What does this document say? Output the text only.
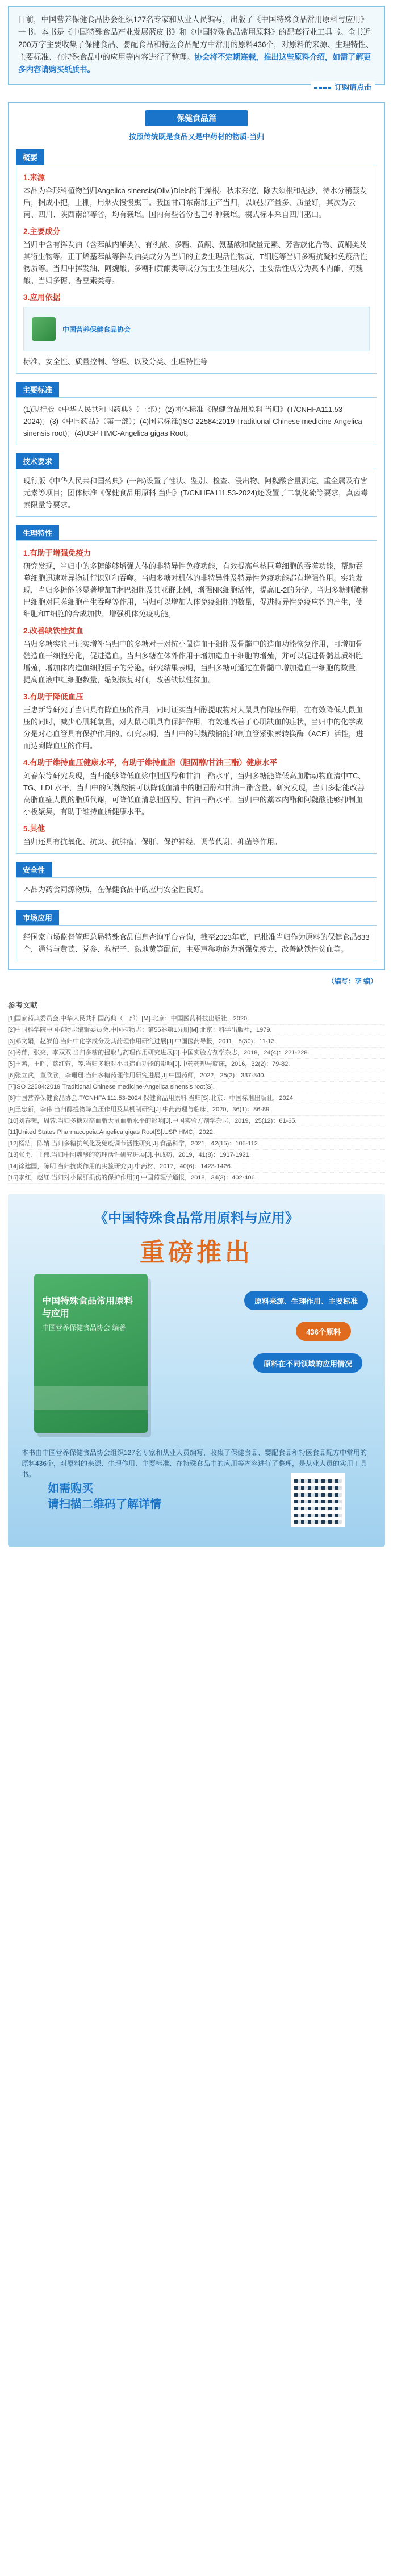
日前，中国营养保健食品协会组织127名专家和从业人员编写，出版了《中国特殊食品常用原料与应用》一书。本书是《中国特殊食品产业发展蓝皮书》和《中国特殊食品常用原料》的配套行业工具书。全书近200万字主要收集了保健食品、婴配食品和特医食品配方中常用的原料436个，对原料的来源、生理特性、主要标准、在特殊食品中的应用等内容进行了整理。协会将不定期连载，推出这些原料介绍，如需了解更多内容请购买纸质书。

订购请点击
保健食品篇
按照传统既是食品又是中药材的物质-当归
概要
1.来源

本品为伞形科植物当归Angelica sinensis(Oliv.)Diels的干燥根。秋末采挖，除去须根和泥沙，待水分稍蒸发后，捆成小把，上棚，用烟火慢慢熏干。我国甘肃东南部主产当归，以岷县产量多、质量好，其次为云南、四川、陕西南部等省，均有栽培。国内有些省份也已引种栽培。模式标本采自四川巫山。

2.主要成分

当归中含有挥发油（含苯酞内酯类）、有机酸、多糖、黄酮、氨基酸和微量元素、芳香族化合物、黄酮类及其衍生物等。正丁烯基苯酞等挥发油类成分为当归的主要生理活性物质，T细胞等当归多糖抗凝和免疫活性物质等。当归中挥发油、阿魏酸、多糖和黄酮类等成分为主要生理成分，主要活性成分为藁本内酯、阿魏酸、当归多糖、香豆素类等。

3.应用依据
中国营养保健食品协会

标准、安全性、质量控制、管理、以及分类、生理特性等

主要标准

(1)现行版《中华人民共和国药典》（一部）；(2)团体标准《保健食品用原料 当归》(T/CNHFA111.53-2024)；(3)《中国药品》（第一部）；(4)国际标准(ISO 22584:2019 Traditional Chinese medicine-Angelica sinensis root)；(4)USP HMC-Angelica gigas Root。

技术要求

现行版《中华人民共和国药典》(一部)设置了性状、鉴别、检查、浸出物、阿魏酸含量测定、重金属及有害元素等项目；团体标准《保健食品用原料 当归》(T/CNHFA111.53-2024)还设置了二氧化硫等要求，真菌毒素限量等要求。

生理特性
1.有助于增强免疫力

研究发现，当归中的多糖能够增强人体的非特异性免疫功能，有效提高单核巨噬细胞的吞噬功能，帮助吞噬细胞迅速对异物进行识别和吞噬。当归多糖对机体的非特异性及特异性免疫功能都有增强作用。实验发现，当归多糖能够显著增加T淋巴细胞及其亚群比例，增强NK细胞活性，提高IL-2的分泌。当归多糖刺激淋巴细胞对巨噬细胞产生吞噬等作用，当归可以增加人体免疫细胞的数量，促进特异性免疫应答的产生，使细胞和T细胞的合成加快，增强机体免疫功能。

2.改善缺铁性贫血

当归多糖实验已证实增补当归中的多糖对于对抗小鼠造血干细胞及骨髓中的造血功能恢复作用，可增加骨髓造血干细胞分化，促进造血。当归多糖在体外作用于增加造血干细胞的增殖，并可以促进骨髓基质细胞增殖，增加体内造血细胞因子的分泌。研究结果表明，当归多糖可通过在骨髓中增加造血干细胞的数量，提高血液中红细胞数量，缩短恢复时间，改善缺铁性贫血。

3.有助于降低血压

王忠新等研究了当归具有降血压的作用，同时证实当归醇提取物对大鼠具有降压作用，在有效降低大鼠血压的同时，减少心肌耗氧量，对大鼠心肌具有保护作用，有效地改善了心肌缺血的症状，当归中的化学成分是对心血管具有保护作用的。研究表明，当归中的阿魏酸钠能抑制血管紧张素转换酶（ACE）活性，进而达到降血压的作用。

4.有助于维持血压健康水平，有助于维持血脂（胆固醇/甘油三酯）健康水平

刘春荣等研究发现，当归能够降低血浆中胆固醇和甘油三酯水平，当归多糖能降低高血脂动物血清中TC、TG、LDL水平，当归中的阿魏酸钠可以降低血清中的胆固醇和甘油三酯含量。研究发现，当归多糖能改善高脂血症大鼠的脂质代谢，可降低血清总胆固醇、甘油三酯水平。当归中的藁本内酯和阿魏酸能够抑制血小板聚集，有助于维持血脂健康水平。

5.其他

当归还具有抗氧化、抗炎、抗肿瘤、保肝、保护神经、调节代谢、抑菌等作用。

安全性

本品为药食同源物质，在保健食品中的应用安全性良好。

市场应用

经国家市场监督管理总局特殊食品信息查询平台查询，截至2023年底，已批准当归作为原料的保健食品633个，通常与黄芪、党参、枸杞子、熟地黄等配伍，主要声称功能为增强免疫力、改善缺铁性贫血等。

（编写：李 编）
参考文献
[1]国家药典委员会.中华人民共和国药典（一部）[M].北京：中国医药科技出版社，2020.
[2]中国科学院中国植物志编辑委员会.中国植物志：第55卷第1分册[M].北京：科学出版社，1979.
[3]邓文娟，赵岁伯.当归中化学成分及其药理作用研究进展[J].中国医药导报，2011，8(30)：11-13.
[4]杨萍，张亮，李双双.当归多糖的提取与药理作用研究进展[J].中国实验方剂学杂志，2018，24(4)：221-228.
[5]王茜，王晖，蔡红蓉，等.当归多糖对小鼠造血功能的影响[J].中药药理与临床，2016，32(2)：79-82.
[6]张立武，董欣欣，李珊珊.当归多糖药理作用研究进展[J].中国药师，2022，25(2)：337-340.
[7]ISO 22584:2019 Traditional Chinese medicine-Angelica sinensis root[S].
[8]中国营养保健食品协会.T/CNHFA 111.53-2024 保健食品用原料 当归[S].北京：中国标准出版社，2024.
[9]王忠新，李伟.当归醇提物降血压作用及其机制研究[J].中药药理与临床，2020，36(1)：86-89.
[10]刘春荣，周蓉.当归多糖对高血脂大鼠血脂水平的影响[J].中国实验方剂学杂志，2019，25(12)：61-65.
[11]United States Pharmacopeia.Angelica gigas Root[S].USP HMC，2022.
[12]杨洁，陈婧.当归多糖抗氧化及免疫调节活性研究[J].食品科学，2021，42(15)：105-112.
[13]张勇，王伟.当归中阿魏酸的药理活性研究进展[J].中成药，2019，41(8)：1917-1921.
[14]徐建国，陈明.当归抗炎作用的实验研究[J].中药材，2017，40(6)：1423-1426.
[15]李红，赵红.当归对小鼠肝损伤的保护作用[J].中国药理学通报，2018，34(3)：402-406.
《中国特殊食品常用原料与应用》
重磅推出
中国特殊食品常用原料与应用
中国营养保健食品协会 编著
原料来源、生理作用、主要标准
436个原料
原料在不同领域的应用情况
本书由中国营养保健食品协会组织127名专家和从业人员编写，收集了保健食品、婴配食品和特医食品配方中常用的原料436个，对原料的来源、生理作用、主要标准、在特殊食品中的应用等内容进行了整理，是从业人员的实用工具书。
如需购买
请扫描二维码了解详情
